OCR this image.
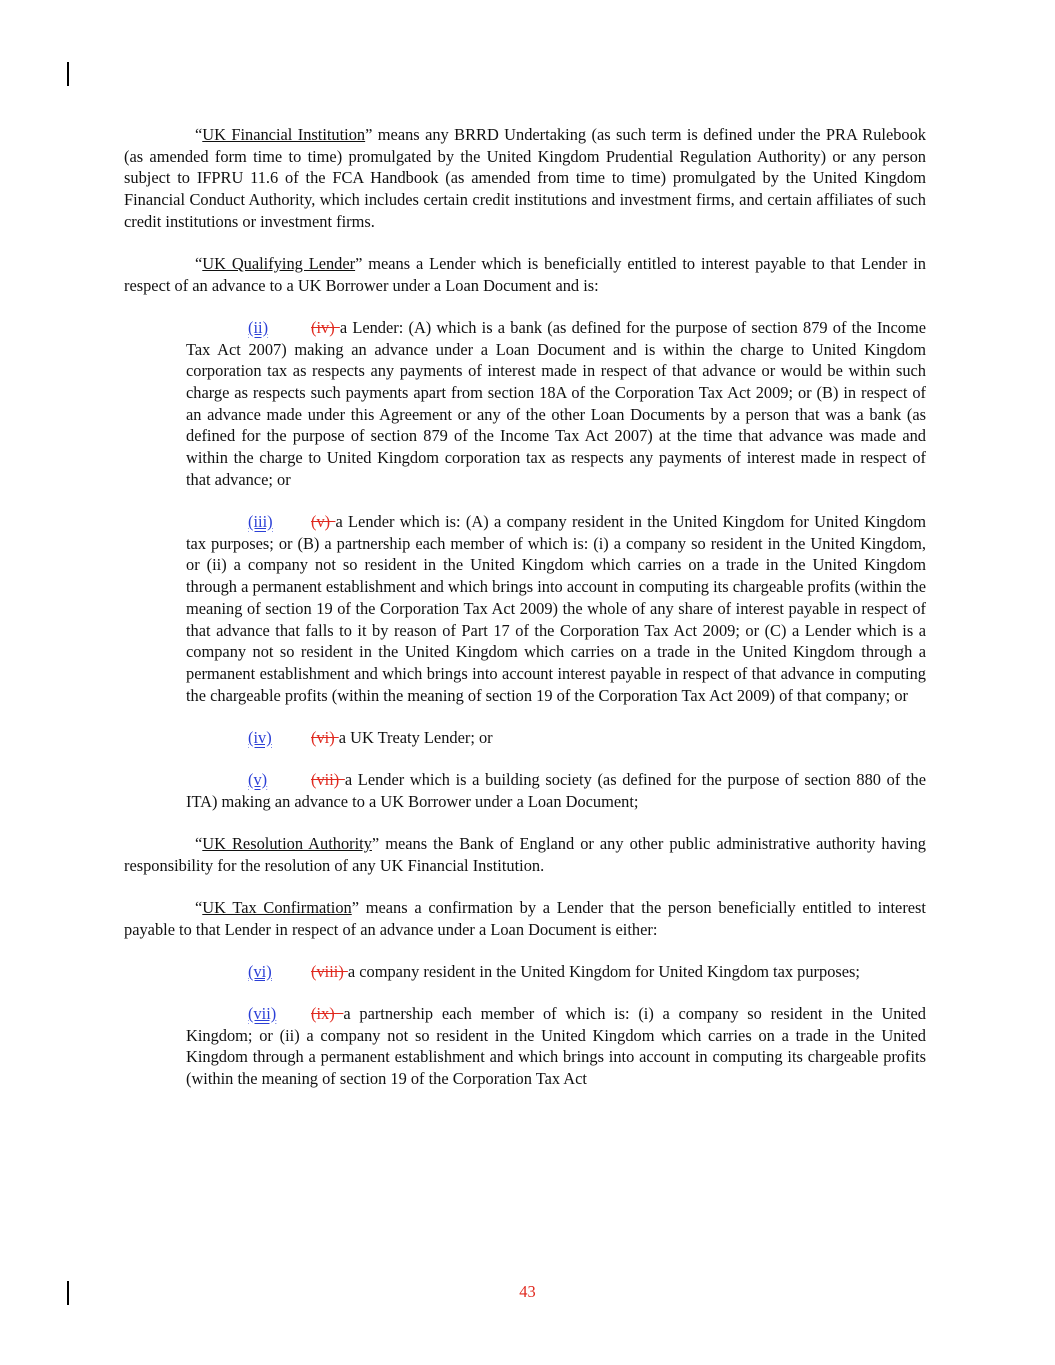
“UK Financial Institution” means any BRRD Undertaking (as such term is defined under the PRA Rulebook (as amended form time to time) promulgated by the United Kingdom Prudential Regulation Authority) or any person subject to IFPRU 11.6 of the FCA Handbook (as amended from time to time) promulgated by the United Kingdom Financial Conduct Authority, which includes certain credit institutions and investment firms, and certain affiliates of such credit institutions or investment firms.

“UK Qualifying Lender” means a Lender which is beneficially entitled to interest payable to that Lender in respect of an advance to a UK Borrower under a Loan Document and is:

(ii)	(iv) a Lender: (A) which is a bank (as defined for the purpose of section 879 of the Income Tax Act 2007) making an advance under a Loan Document and is within the charge to United Kingdom corporation tax as respects any payments of interest made in respect of that advance or would be within such charge as respects such payments apart from section 18A of the Corporation Tax Act 2009; or (B) in respect of an advance made under this Agreement or any of the other Loan Documents by a person that was a bank (as defined for the purpose of section 879 of the Income Tax Act 2007) at the time that advance was made and within the charge to United Kingdom corporation tax as respects any payments of interest made in respect of that advance; or

(iii) (v) a Lender which is: (A) a company resident in the United Kingdom for United Kingdom tax purposes; or (B) a partnership each member of which is: (i) a company so resident in the United Kingdom, or (ii) a company not so resident in the United Kingdom which carries on a trade in the United Kingdom through a permanent establishment and which brings into account in computing its chargeable profits (within the meaning of section 19 of the Corporation Tax Act 2009) the whole of any share of interest payable in respect of that advance that falls to it by reason of Part 17 of the Corporation Tax Act 2009; or (C) a Lender which is a company not so resident in the United Kingdom which carries on a trade in the United Kingdom through a permanent establishment and which brings into account interest payable in respect of that advance in computing the chargeable profits (within the meaning of section 19 of the Corporation Tax Act 2009) of that company; or

(iv) (vi) a UK Treaty Lender; or

(v)	(vii) a Lender which is a building society (as defined for the purpose of section 880 of the ITA) making an advance to a UK Borrower under a Loan Document;

“UK Resolution Authority” means the Bank of England or any other public administrative authority having responsibility for the resolution of any UK Financial Institution.

“UK Tax Confirmation” means a confirmation by a Lender that the person beneficially entitled to interest payable to that Lender in respect of an advance under a Loan Document is either:

(vi) (viii) a company resident in the United Kingdom for United Kingdom tax purposes;

(vii) (ix) a partnership each member of which is: (i) a company so resident in the United Kingdom; or (ii) a company not so resident in the United Kingdom which carries on a trade in the United Kingdom through a permanent establishment and which brings into account in computing its chargeable profits (within the meaning of section 19 of the Corporation Tax Act

43
